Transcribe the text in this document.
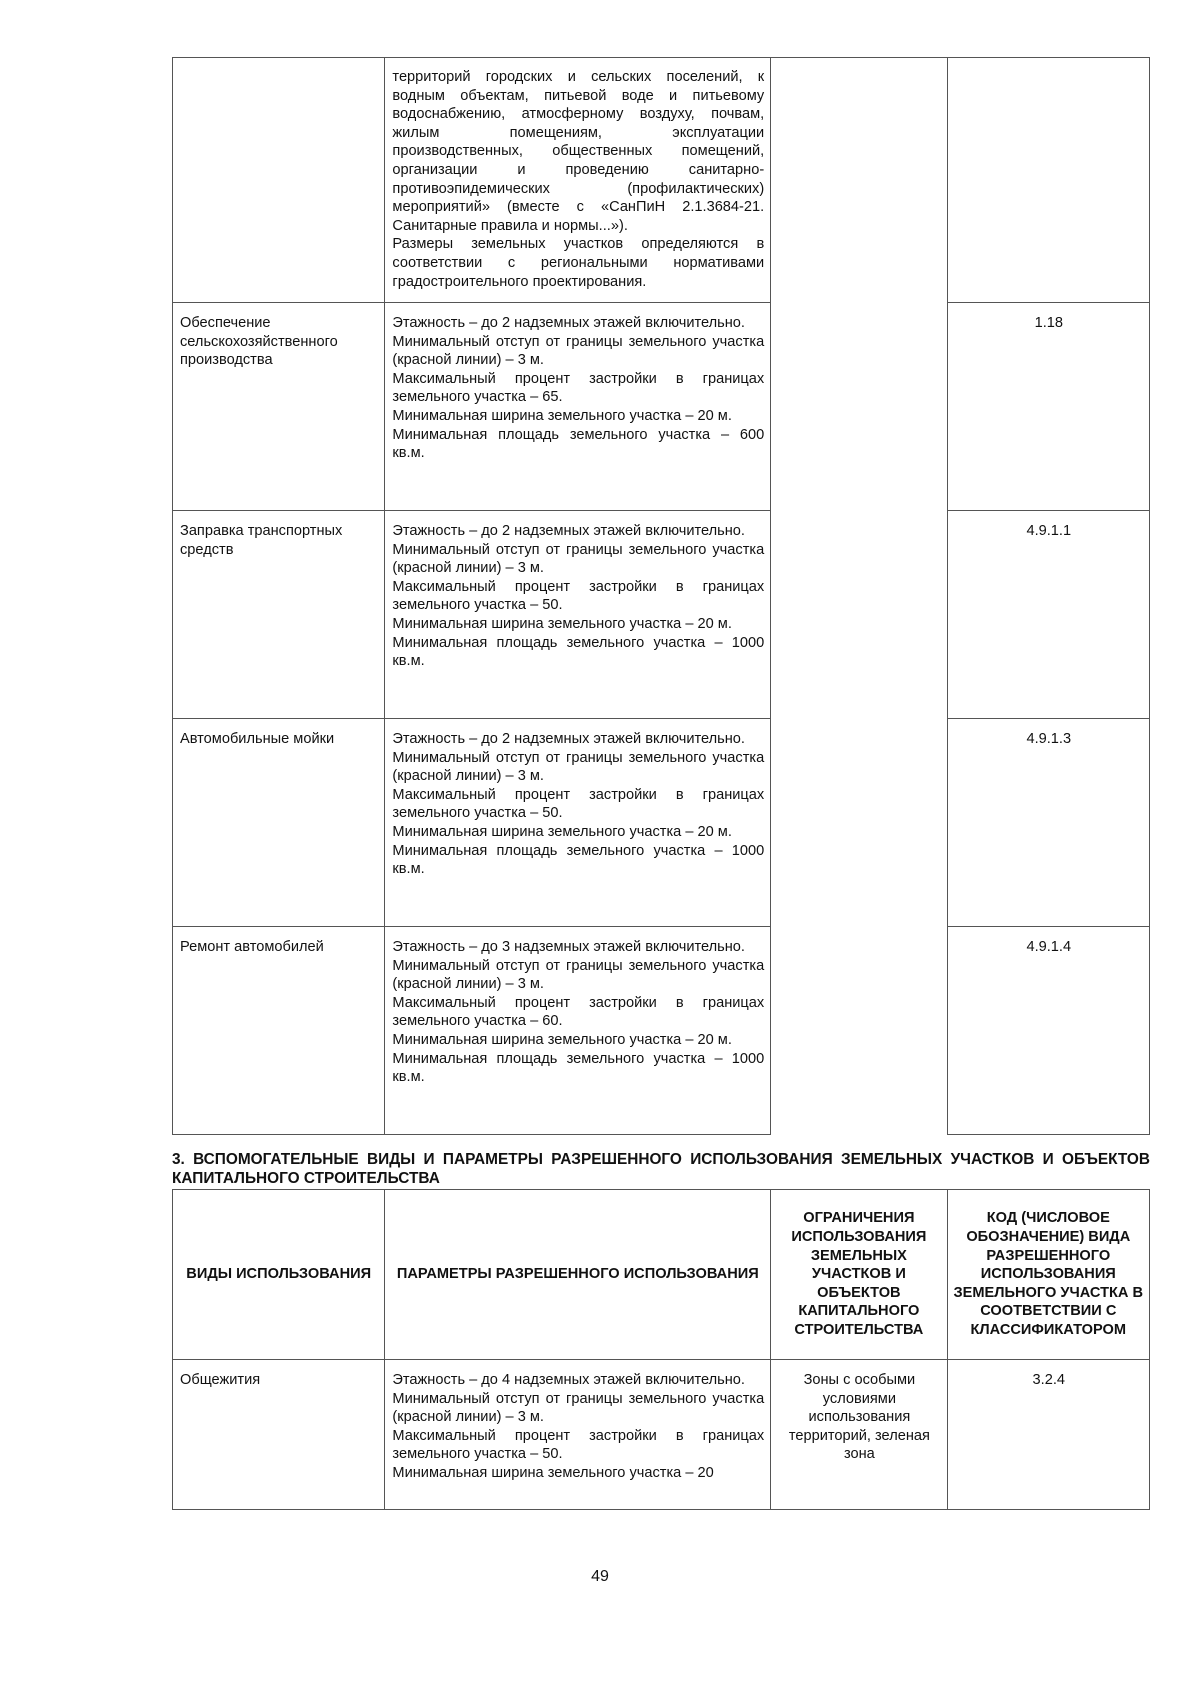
	территорий городских и сельских поселений, к водным объектам, питьевой воде и питьевому водоснабжению, атмосферному воздуху, почвам, жилым помещениям, эксплуатации производственных, общественных помещений, организации и проведению санитарно-противоэпидемических (профилактических) мероприятий» (вместе с «СанПиН 2.1.3684-21. Санитарные правила и нормы...»).
Размеры земельных участков определяются в соответствии с региональными нормативами градостроительного проектирования.		

Обеспечение сельскохозяйственного производства	Этажность – до 2 надземных этажей включительно.
Минимальный отступ от границы земельного участка (красной линии) – 3 м.
Максимальный процент застройки в границах земельного участка – 65.
Минимальная ширина земельного участка – 20 м.
Минимальная площадь земельного участка – 600 кв.м.		1.18
Заправка транспортных средств	Этажность – до 2 надземных этажей включительно.
Минимальный отступ от границы земельного участка (красной линии) – 3 м.
Максимальный процент застройки в границах земельного участка – 50.
Минимальная ширина земельного участка – 20 м.
Минимальная площадь земельного участка – 1000 кв.м.		4.9.1.1
Автомобильные мойки	Этажность – до 2 надземных этажей включительно.
Минимальный отступ от границы земельного участка (красной линии) – 3 м.
Максимальный процент застройки в границах земельного участка – 50.
Минимальная ширина земельного участка – 20 м.
Минимальная площадь земельного участка – 1000 кв.м.		4.9.1.3
Ремонт автомобилей	Этажность – до 3 надземных этажей включительно.
Минимальный отступ от границы земельного участка (красной линии) – 3 м.
Максимальный процент застройки в границах земельного участка – 60.
Минимальная ширина земельного участка – 20 м.
Минимальная площадь земельного участка – 1000 кв.м.		4.9.1.4
3. ВСПОМОГАТЕЛЬНЫЕ ВИДЫ И ПАРАМЕТРЫ РАЗРЕШЕННОГО ИСПОЛЬЗОВАНИЯ ЗЕМЕЛЬНЫХ УЧАСТКОВ И ОБЪЕКТОВ КАПИТАЛЬНОГО СТРОИТЕЛЬСТВА
ВИДЫ ИСПОЛЬЗОВАНИЯ	ПАРАМЕТРЫ РАЗРЕШЕННОГО ИСПОЛЬЗОВАНИЯ	ОГРАНИЧЕНИЯ ИСПОЛЬЗОВАНИЯ ЗЕМЕЛЬНЫХ УЧАСТКОВ И ОБЪЕКТОВ КАПИТАЛЬНОГО СТРОИТЕЛЬСТВА	КОД (ЧИСЛОВОЕ ОБОЗНАЧЕНИЕ) ВИДА РАЗРЕШЕННОГО ИСПОЛЬЗОВАНИЯ ЗЕМЕЛЬНОГО УЧАСТКА В СООТВЕТСТВИИ С КЛАССИФИКАТОРОМ
Общежития	Этажность – до 4 надземных этажей включительно.
Минимальный отступ от границы земельного участка (красной линии) – 3 м.
Максимальный процент застройки в границах земельного участка – 50.
Минимальная ширина земельного участка – 20	Зоны с особыми условиями использования территорий, зеленая зона	3.2.4
49
